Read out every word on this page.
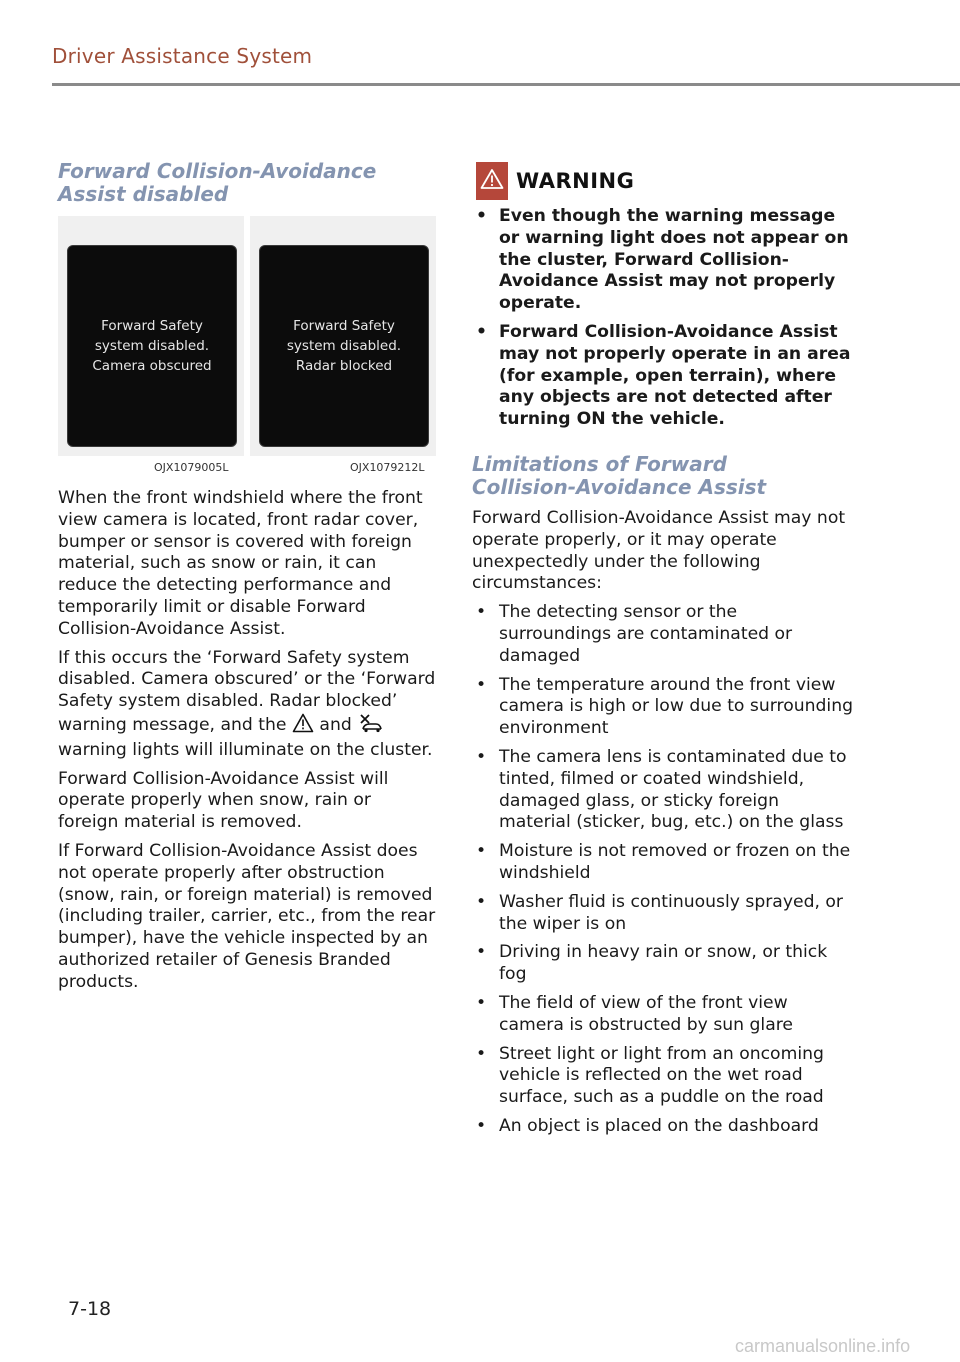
Driver Assistance System
Forward Collision-Avoidance Assist disabled
Forward Safety system disabled. Camera obscured
Forward Safety system disabled. Radar blocked
OJX1079005L	OJX1079212L

When the front windshield where the front view camera is located, front radar cover, bumper or sensor is covered with foreign material, such as snow or rain, it can reduce the detecting performance and temporarily limit or disable Forward Collision-Avoidance Assist.

If this occurs the ‘Forward Safety system disabled. Camera obscured’ or the ‘Forward Safety system disabled. Radar blocked’ warning message, and the and  warning lights will illuminate on the cluster.

Forward Collision-Avoidance Assist will operate properly when snow, rain or foreign material is removed.

If Forward Collision-Avoidance Assist does not operate properly after obstruction (snow, rain, or foreign material) is removed (including trailer, carrier, etc., from the rear bumper), have the vehicle inspected by an authorized retailer of Genesis Branded products.

WARNING
• Even though the warning message or warning light does not appear on the cluster, Forward Collision-Avoidance Assist may not properly operate.
• Forward Collision-Avoidance Assist may not properly operate in an area (for example, open terrain), where any objects are not detected after turning ON the vehicle.
Limitations of Forward Collision-Avoidance Assist

Forward Collision-Avoidance Assist may not operate properly, or it may operate unexpectedly under the following circumstances:

• The detecting sensor or the surroundings are contaminated or damaged
• The temperature around the front view camera is high or low due to surrounding environment
• The camera lens is contaminated due to tinted, filmed or coated windshield, damaged glass, or sticky foreign material (sticker, bug, etc.) on the glass
• Moisture is not removed or frozen on the windshield
• Washer fluid is continuously sprayed, or the wiper is on
• Driving in heavy rain or snow, or thick fog
• The field of view of the front view camera is obstructed by sun glare
• Street light or light from an oncoming vehicle is reflected on the wet road surface, such as a puddle on the road
• An object is placed on the dashboard
7-18
carmanualsonline.info
